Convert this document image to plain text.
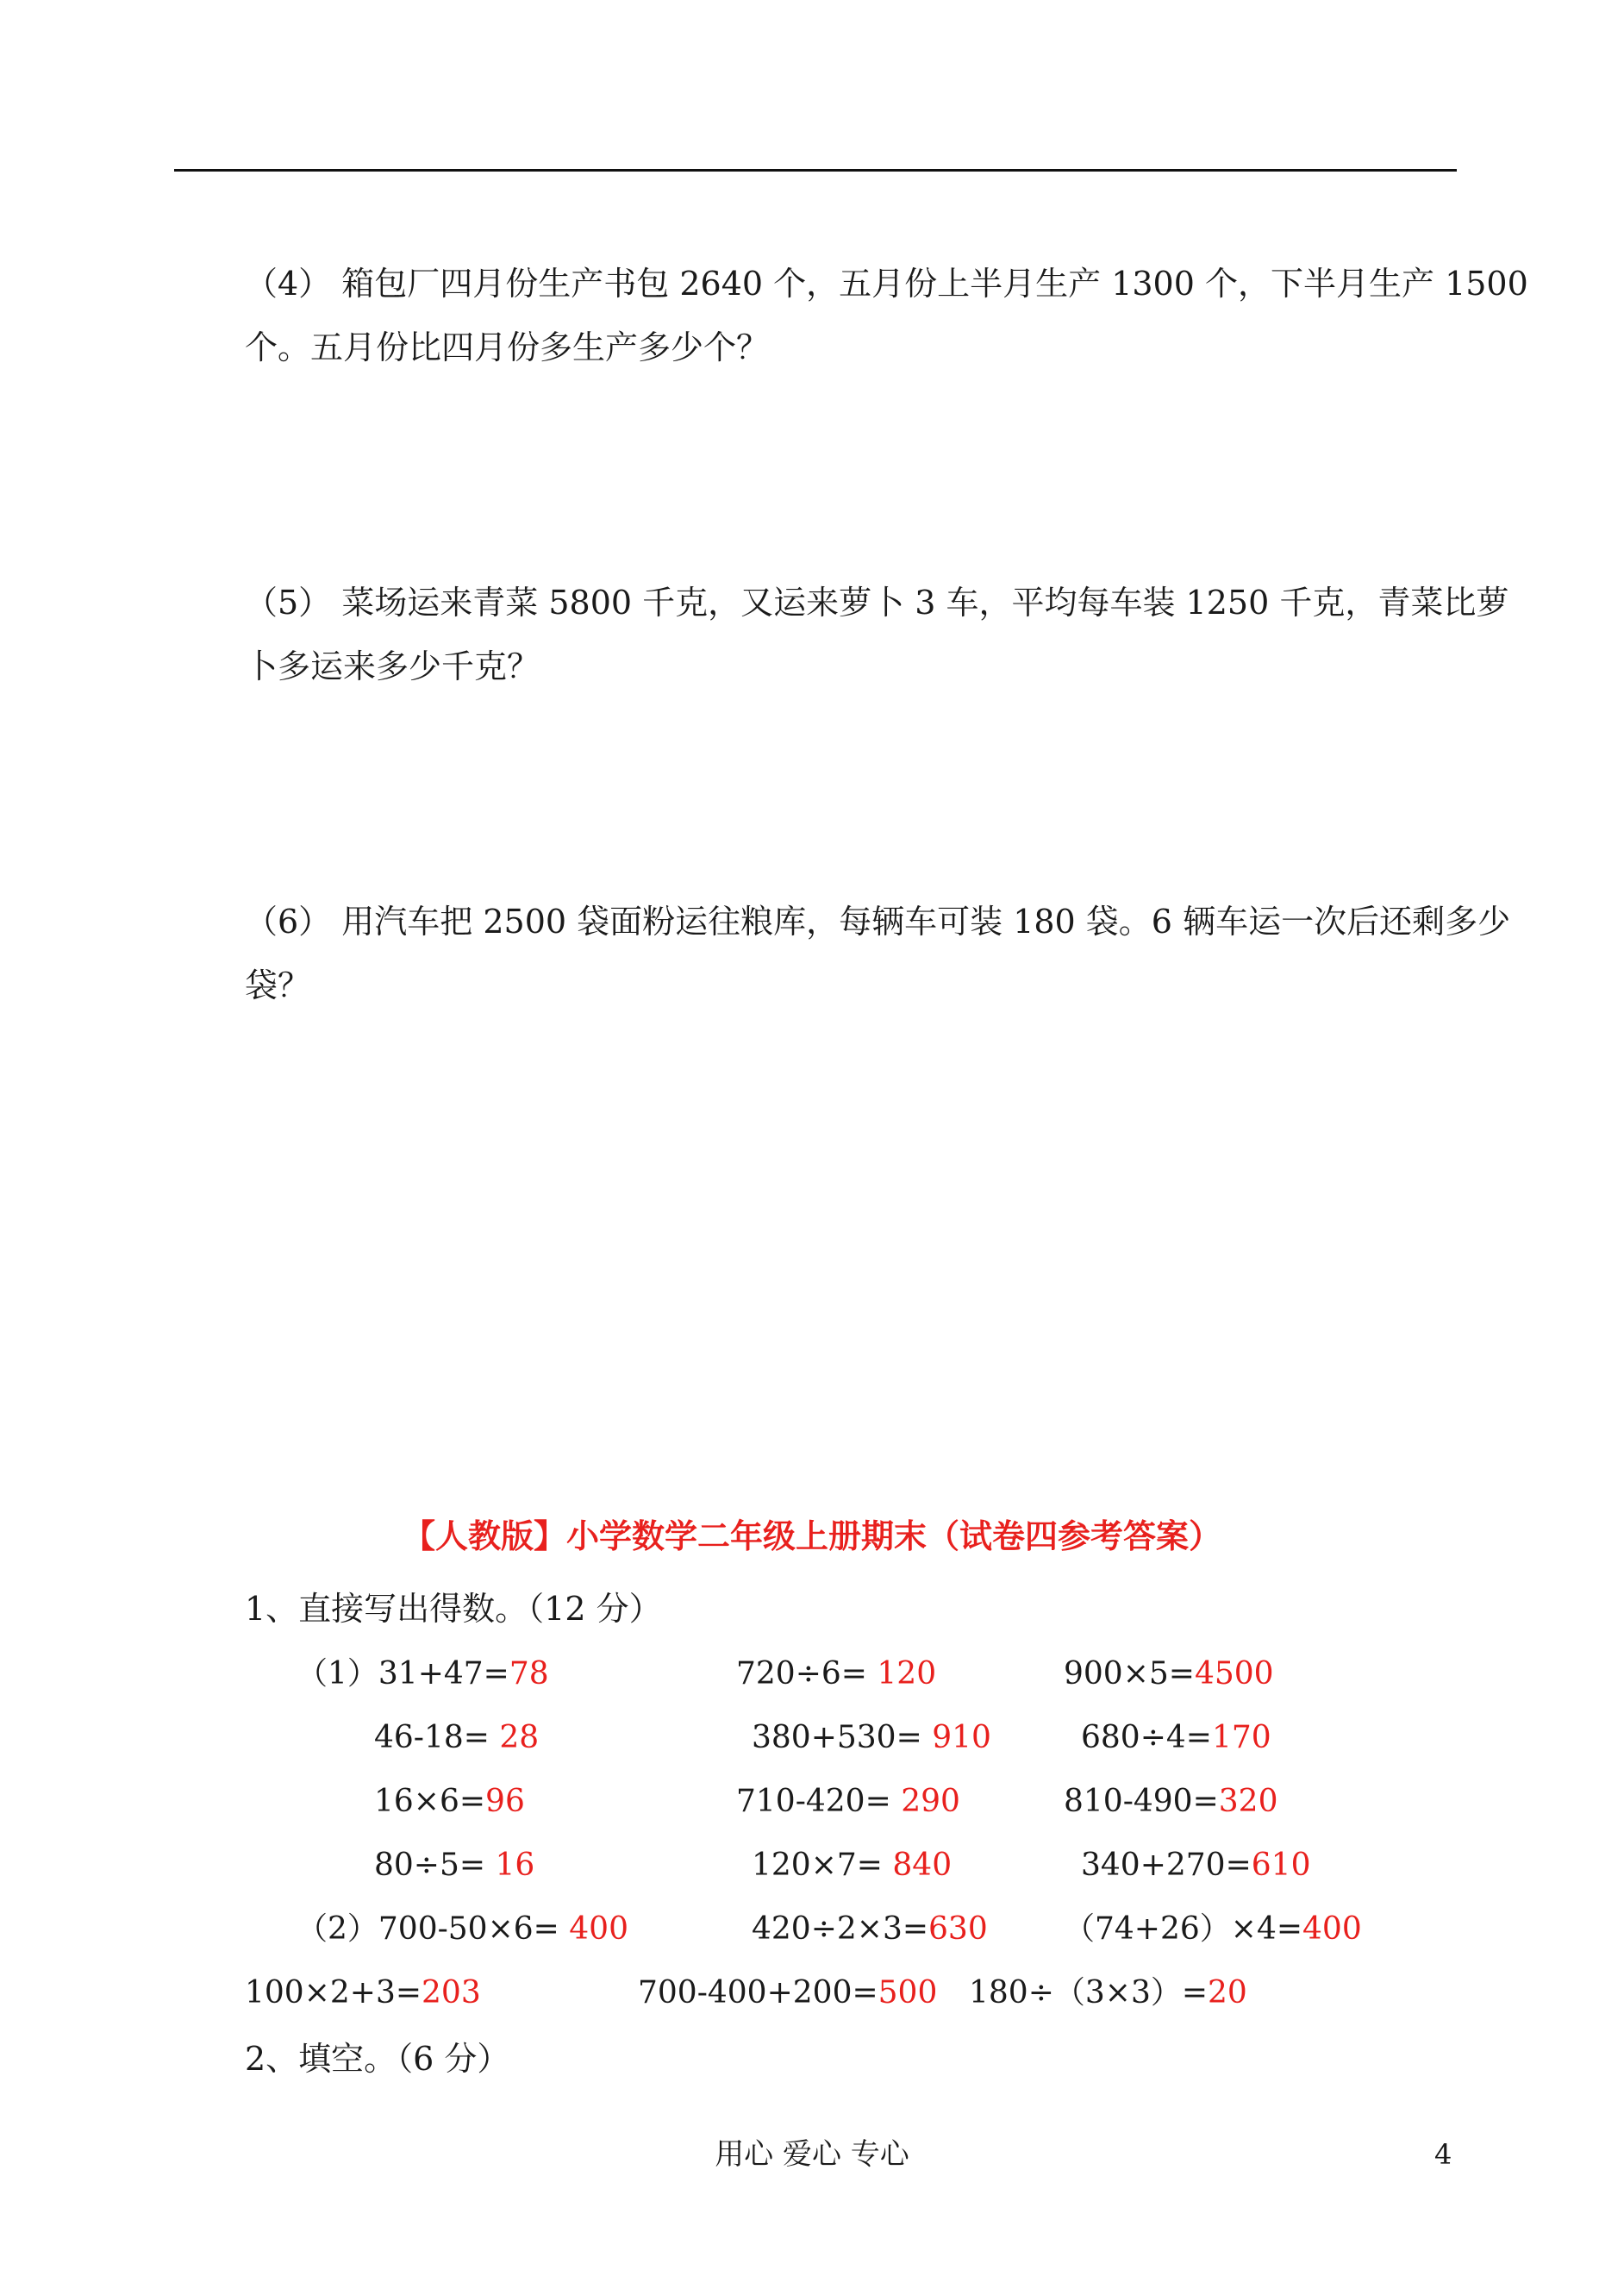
（4） 箱包厂四月份生产书包 2640 个，五月份上半月生产 1300 个，下半月生产 1500
个。五月份比四月份多生产多少个？
（5） 菜场运来青菜 5800 千克，又运来萝卜 3 车，平均每车装 1250 千克，青菜比萝
卜多运来多少千克？
（6） 用汽车把 2500 袋面粉运往粮库，每辆车可装 180 袋。6 辆车运一次后还剩多少
袋？
【人教版】小学数学二年级上册期末（试卷四参考答案）
1、直接写出得数。（12 分）
（1）31+47=78	720÷6= 120	900×5=4500
46-18= 28	380+530= 910	680÷4=170
16×6=96	710-420= 290	810-490=320
80÷5= 16	120×7= 840	340+270=610
（2）700-50×6= 400	420÷2×3=630 （74+26）×4=400
100×2+3=203	700-400+200=500 180÷（3×3）=20
2、填空。（6 分）
用心 爱心 专心	4
